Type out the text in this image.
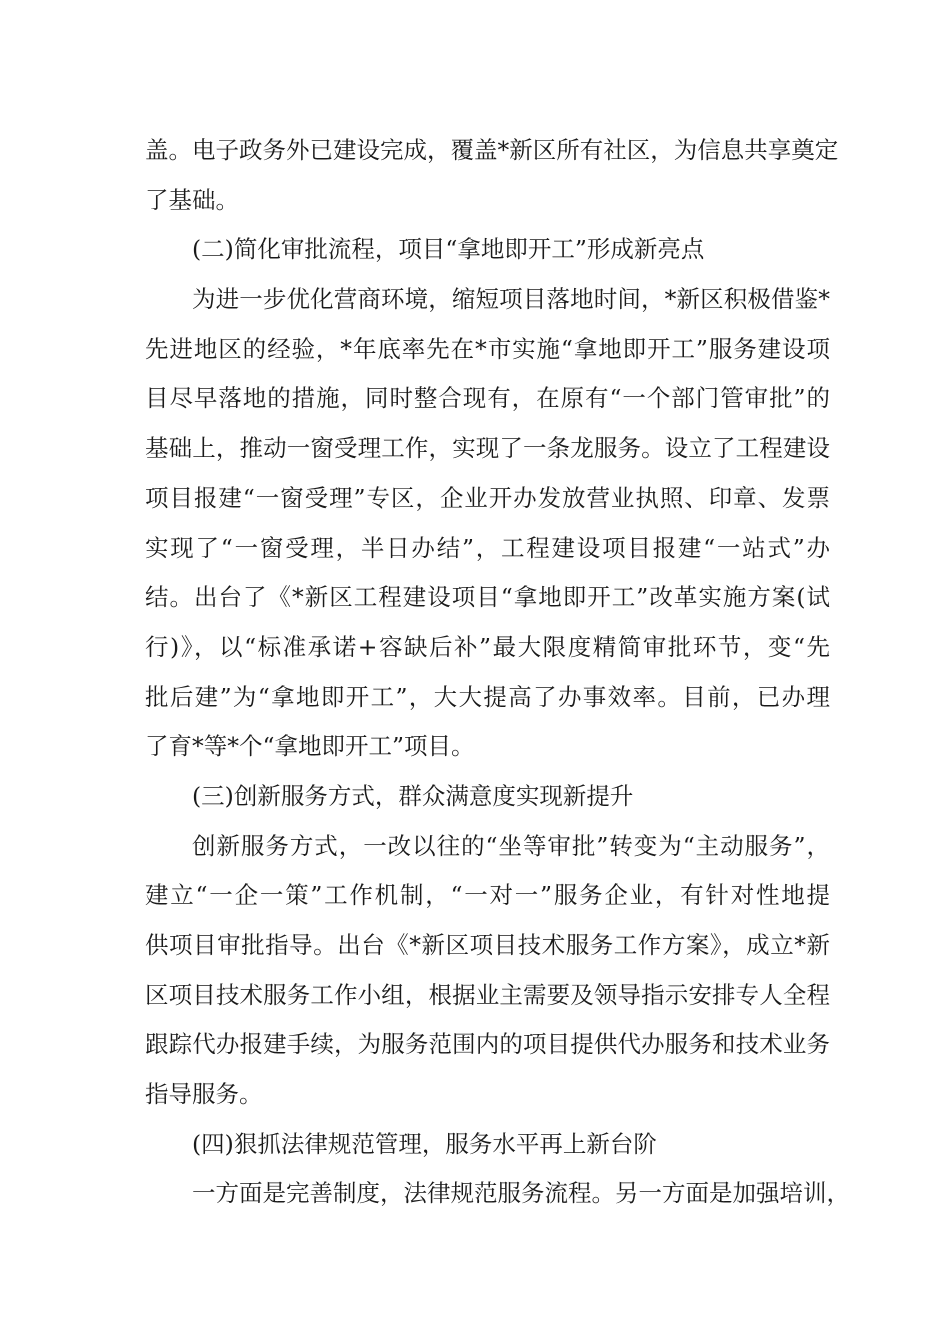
盖。电子政务外已建设完成，覆盖*新区所有社区，为信息共享奠定
了基础。
(二)简化审批流程，项目“拿地即开工”形成新亮点
为进一步优化营商环境，缩短项目落地时间，*新区积极借鉴*
先进地区的经验，*年底率先在*市实施“拿地即开工”服务建设项
目尽早落地的措施，同时整合现有，在原有“一个部门管审批”的
基础上，推动一窗受理工作，实现了一条龙服务。设立了工程建设
项目报建“一窗受理”专区，企业开办发放营业执照、印章、发票
实现了“一窗受理，半日办结”，工程建设项目报建“一站式”办
结。出台了《*新区工程建设项目“拿地即开工”改革实施方案(试
行)》，以“标准承诺+容缺后补”最大限度精简审批环节，变“先
批后建”为“拿地即开工”，大大提高了办事效率。目前，已办理
了育*等*个“拿地即开工”项目。
(三)创新服务方式，群众满意度实现新提升
创新服务方式，一改以往的“坐等审批”转变为“主动服务”，
建立“一企一策”工作机制，“一对一”服务企业，有针对性地提
供项目审批指导。出台《*新区项目技术服务工作方案》，成立*新
区项目技术服务工作小组，根据业主需要及领导指示安排专人全程
跟踪代办报建手续，为服务范围内的项目提供代办服务和技术业务
指导服务。
(四)狠抓法律规范管理，服务水平再上新台阶
一方面是完善制度，法律规范服务流程。另一方面是加强培训，
